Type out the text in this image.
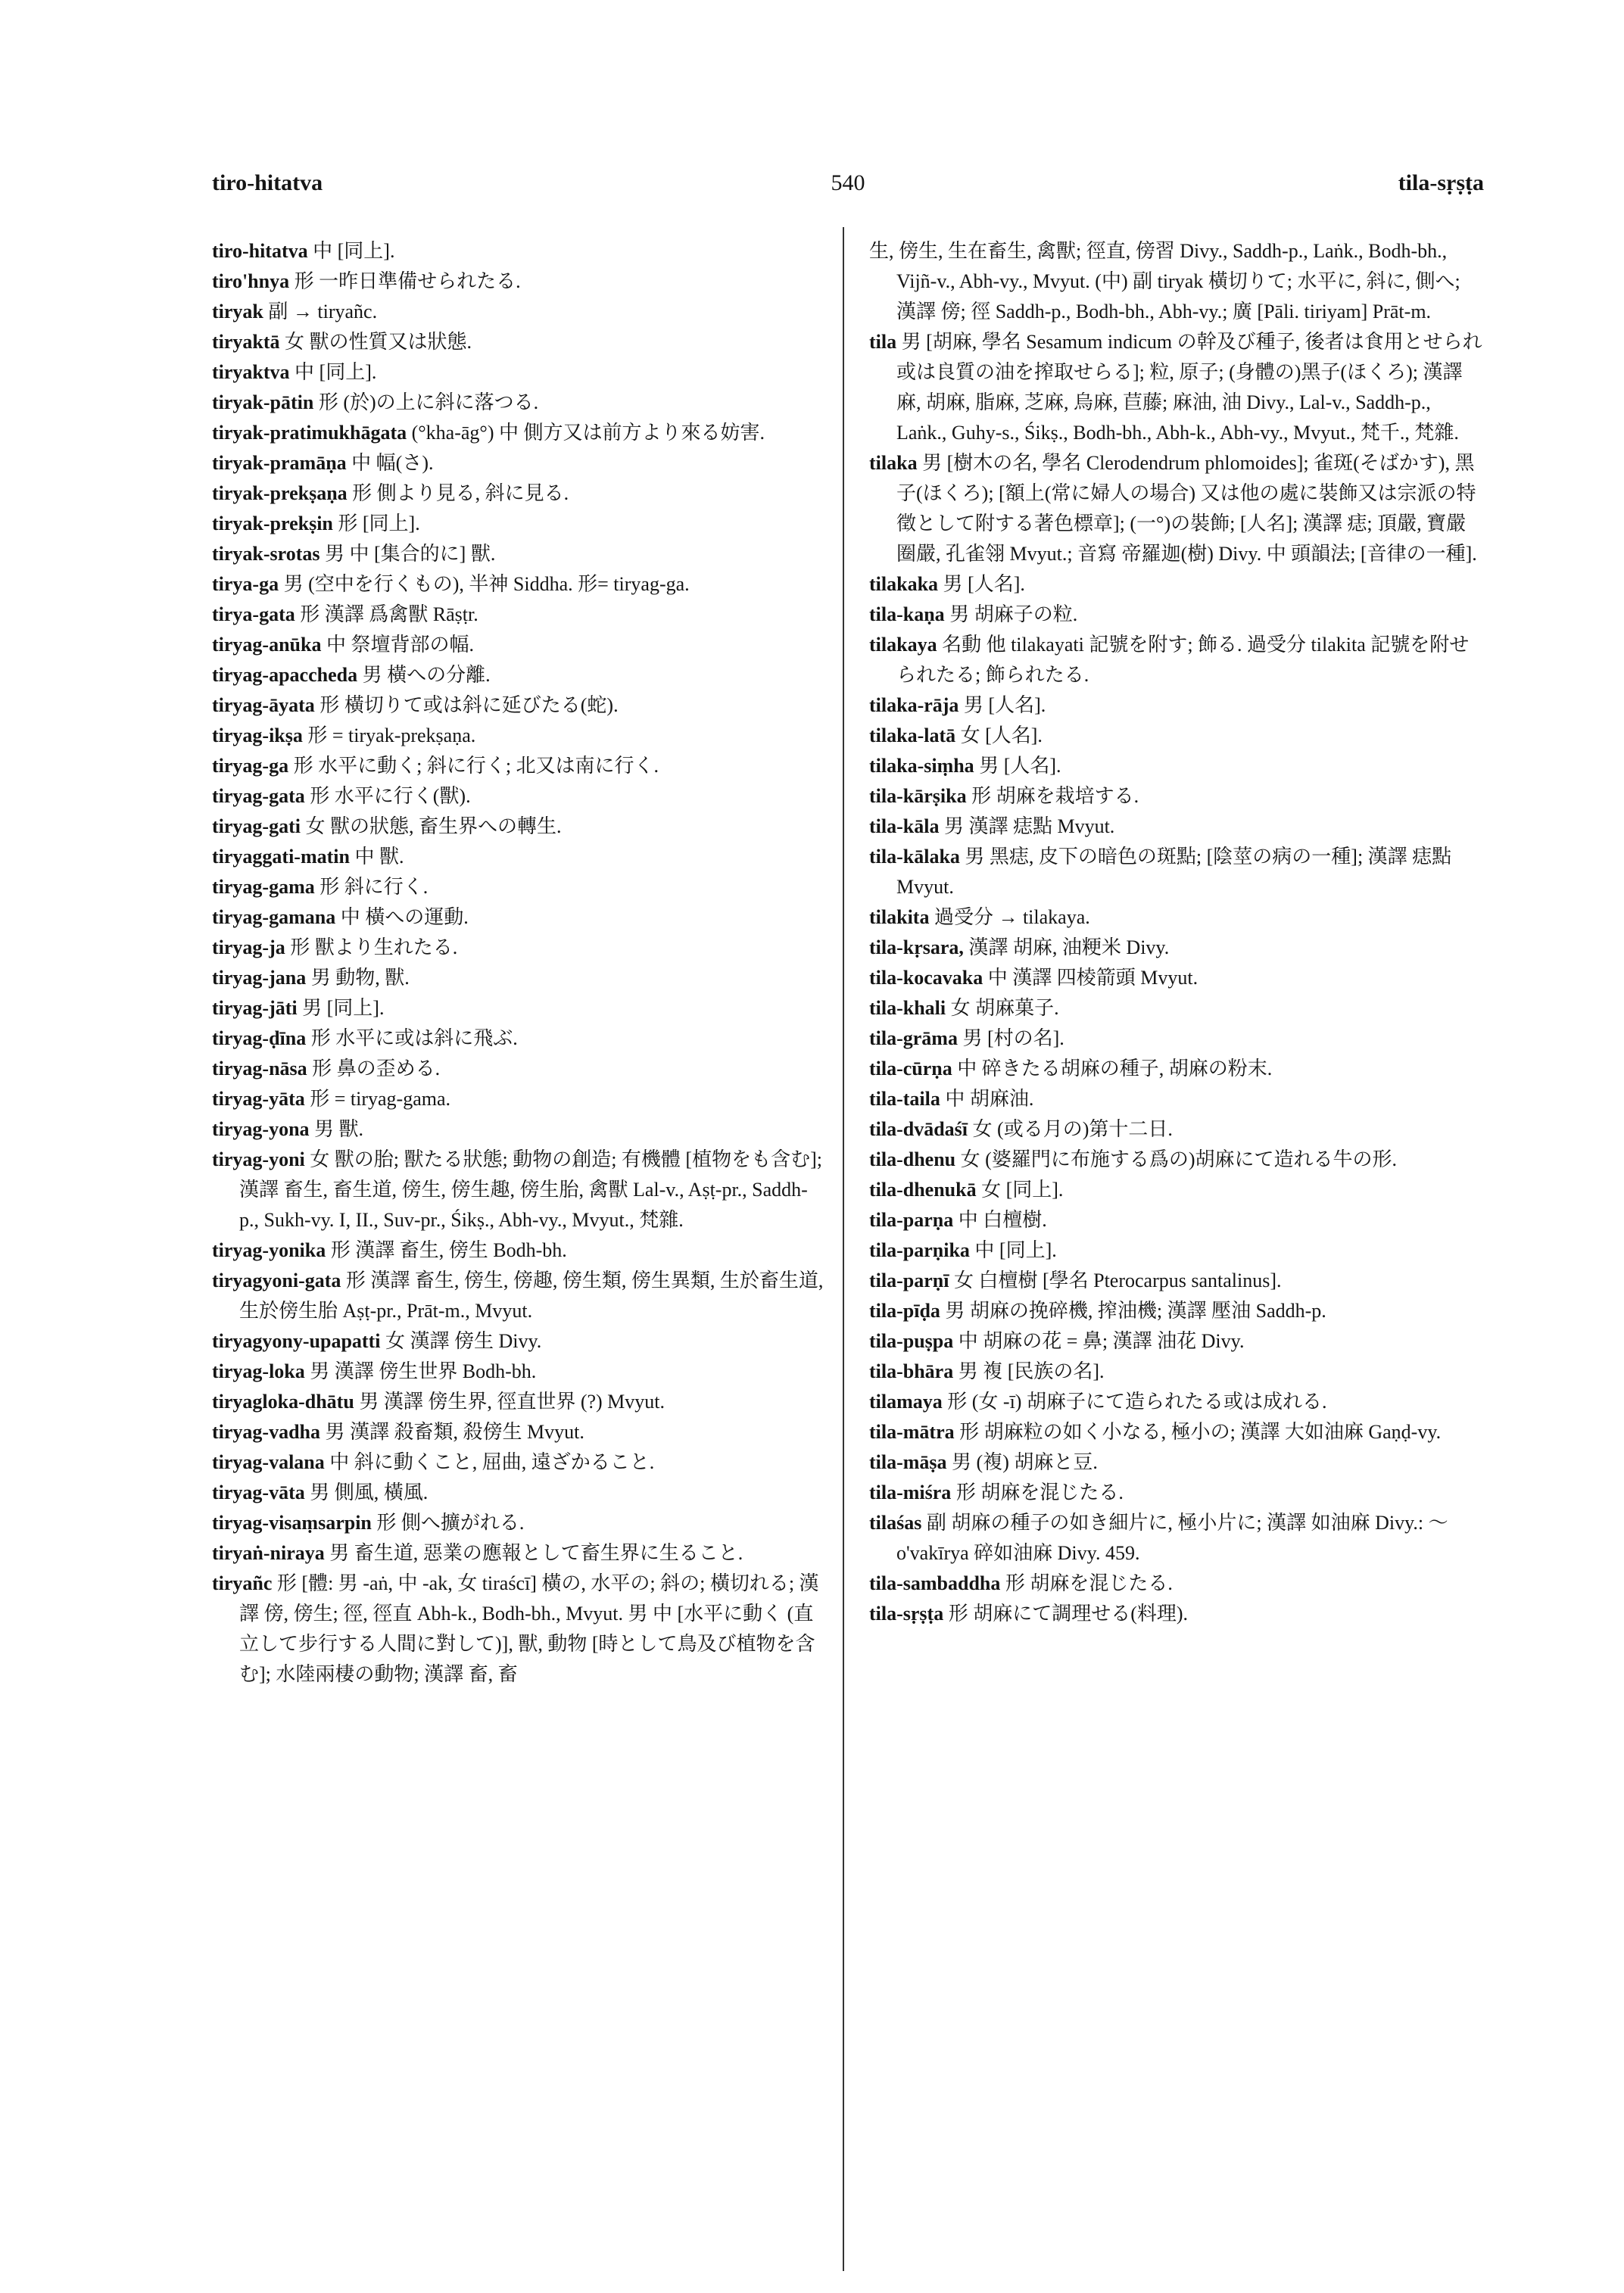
tiro-hitatva	540	tila-sṛṣṭa

tiro-hitatva 中 [同上].

tiro'hnya 形 一昨日準備せられたる.

tiryak 副 → tiryañc.

tiryaktā 女 獸の性質又は狀態.

tiryaktva 中 [同上].

tiryak-pātin 形 (於)の上に斜に落つる.

tiryak-pratimukhāgata (°kha-āg°) 中 側方又は前方より來る妨害.

tiryak-pramāṇa 中 幅(さ).

tiryak-prekṣaṇa 形 側より見る, 斜に見る.

tiryak-prekṣin 形 [同上].

tiryak-srotas 男 中 [集合的に] 獸.

tirya-ga 男 (空中を行くもの), 半神 Siddha. 形= tiryag-ga.

tirya-gata 形 漢譯 爲禽獸 Rāṣṭr.

tiryag-anūka 中 祭壇背部の幅.

tiryag-apaccheda 男 橫への分離.

tiryag-āyata 形 橫切りて或は斜に延びたる(蛇).

tiryag-ikṣa 形 = tiryak-prekṣaṇa.

tiryag-ga 形 水平に動く; 斜に行く; 北又は南に行く.

tiryag-gata 形 水平に行く(獸).

tiryag-gati 女 獸の狀態, 畜生界への轉生.

tiryaggati-matin 中 獸.

tiryag-gama 形 斜に行く.

tiryag-gamana 中 橫への運動.

tiryag-ja 形 獸より生れたる.

tiryag-jana 男 動物, 獸.

tiryag-jāti 男 [同上].

tiryag-ḍīna 形 水平に或は斜に飛ぶ.

tiryag-nāsa 形 鼻の歪める.

tiryag-yāta 形 = tiryag-gama.

tiryag-yona 男 獸.

tiryag-yoni 女 獸の胎; 獸たる狀態; 動物の創造; 有機體 [植物をも含む]; 漢譯 畜生, 畜生道, 傍生, 傍生趣, 傍生胎, 禽獸 Lal-v., Aṣṭ-pr., Saddh-p., Sukh-vy. I, II., Suv-pr., Śikṣ., Abh-vy., Mvyut., 梵雜.

tiryag-yonika 形 漢譯 畜生, 傍生 Bodh-bh.

tiryagyoni-gata 形 漢譯 畜生, 傍生, 傍趣, 傍生類, 傍生異類, 生於畜生道, 生於傍生胎 Aṣṭ-pr., Prāt-m., Mvyut.

tiryagyony-upapatti 女 漢譯 傍生 Divy.

tiryag-loka 男 漢譯 傍生世界 Bodh-bh.

tiryagloka-dhātu 男 漢譯 傍生界, 徑直世界 (?) Mvyut.

tiryag-vadha 男 漢譯 殺畜類, 殺傍生 Mvyut.

tiryag-valana 中 斜に動くこと, 屈曲, 遠ざかること.

tiryag-vāta 男 側風, 橫風.

tiryag-visaṃsarpin 形 側へ擴がれる.

tiryaṅ-niraya 男 畜生道, 惡業の應報として畜生界に生ること.

tiryañc 形 [體: 男 -aṅ, 中 -ak, 女 tiraścī] 橫の, 水平の; 斜の; 橫切れる; 漢譯 傍, 傍生; 徑, 徑直 Abh-k., Bodh-bh., Mvyut. 男 中 [水平に動く (直立して步行する人間に對して)], 獸, 動物 [時として鳥及び植物を含む]; 水陸兩棲の動物; 漢譯 畜, 畜

生, 傍生, 生在畜生, 禽獸; 徑直, 傍習 Divy., Saddh-p., Laṅk., Bodh-bh., Vijñ-v., Abh-vy., Mvyut. (中) 副 tiryak 橫切りて; 水平に, 斜に, 側へ; 漢譯 傍; 徑 Saddh-p., Bodh-bh., Abh-vy.; 廣 [Pāli. tiriyam] Prāt-m.

tila 男 [胡麻, 學名 Sesamum indicum の幹及び種子, 後者は食用とせられ或は良質の油を搾取せらる]; 粒, 原子; (身體の)黑子(ほくろ); 漢譯 麻, 胡麻, 脂麻, 芝麻, 烏麻, 苣藤; 麻油, 油 Divy., Lal-v., Saddh-p., Laṅk., Guhy-s., Śikṣ., Bodh-bh., Abh-k., Abh-vy., Mvyut., 梵千., 梵雜.

tilaka 男 [樹木の名, 學名 Clerodendrum phlomoides]; 雀斑(そばかす), 黑子(ほくろ); [額上(常に婦人の場合) 又は他の處に裝飾又は宗派の特徵として附する著色標章]; (一°)の裝飾; [人名]; 漢譯 痣; 頂嚴, 寶嚴圈嚴, 孔雀翎 Mvyut.; 音寫 帝羅迦(樹) Divy. 中 頭韻法; [音律の一種].

tilakaka 男 [人名].

tila-kaṇa 男 胡麻子の粒.

tilakaya 名動 他 tilakayati 記號を附す; 飾る. 過受分 tilakita 記號を附せられたる; 飾られたる.

tilaka-rāja 男 [人名].

tilaka-latā 女 [人名].

tilaka-siṃha 男 [人名].

tila-kārṣika 形 胡麻を栽培する.

tila-kāla 男 漢譯 痣點 Mvyut.

tila-kālaka 男 黑痣, 皮下の暗色の斑點; [陰莖の病の一種]; 漢譯 痣點 Mvyut.

tilakita 過受分 → tilakaya.

tila-kṛsara, 漢譯 胡麻, 油粳米 Divy.

tila-kocavaka 中 漢譯 四棱箭頭 Mvyut.

tila-khali 女 胡麻菓子.

tila-grāma 男 [村の名].

tila-cūrṇa 中 碎きたる胡麻の種子, 胡麻の粉末.

tila-taila 中 胡麻油.

tila-dvādaśī 女 (或る月の)第十二日.

tila-dhenu 女 (婆羅門に布施する爲の)胡麻にて造れる牛の形.

tila-dhenukā 女 [同上].

tila-parṇa 中 白檀樹.

tila-parṇika 中 [同上].

tila-parṇī 女 白檀樹 [學名 Pterocarpus santalinus].

tila-pīḍa 男 胡麻の挽碎機, 搾油機; 漢譯 壓油 Saddh-p.

tila-puṣpa 中 胡麻の花 = 鼻; 漢譯 油花 Divy.

tila-bhāra 男 複 [民族の名].

tilamaya 形 (女 -ī) 胡麻子にて造られたる或は成れる.

tila-mātra 形 胡麻粒の如く小なる, 極小の; 漢譯 大如油麻 Gaṇḍ-vy.

tila-māṣa 男 (複) 胡麻と豆.

tila-miśra 形 胡麻を混じたる.

tilaśas 副 胡麻の種子の如き細片に, 極小片に; 漢譯 如油麻 Divy.: 〜o'vakīrya 碎如油麻 Divy. 459.

tila-sambaddha 形 胡麻を混じたる.

tila-sṛṣṭa 形 胡麻にて調理せる(料理).
